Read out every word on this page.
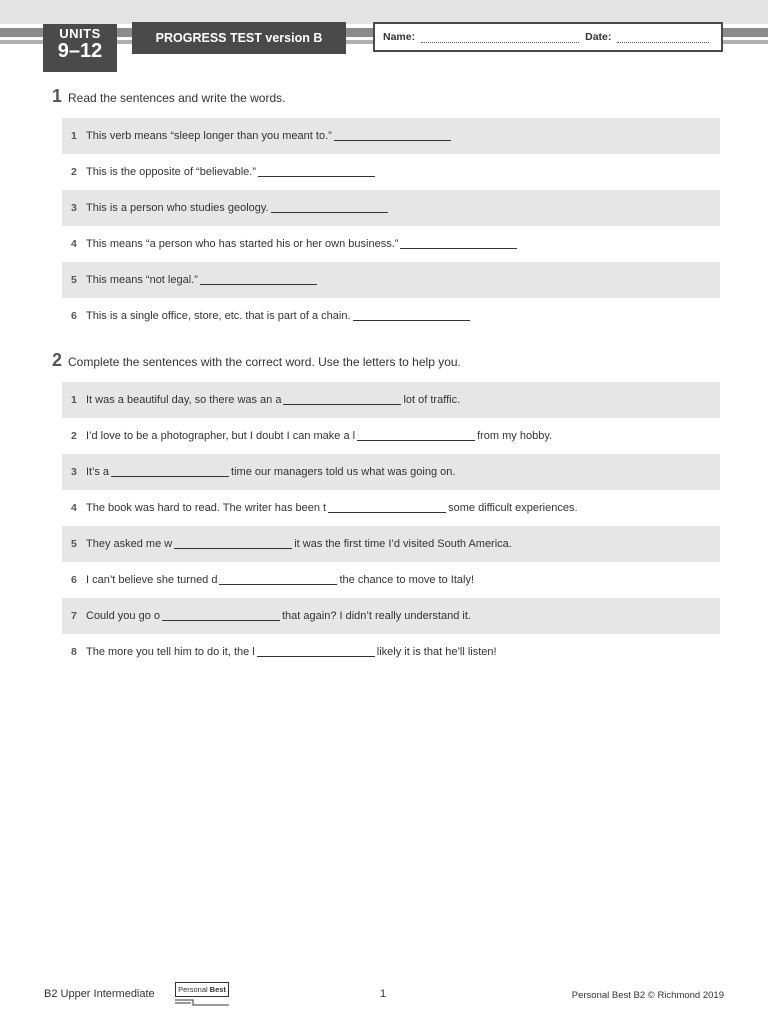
UNITS
9–12
PROGRESS TEST version B	Name:	Date:
1 Read the sentences and write the words.
1 This verb means “sleep longer than you meant to.”
2 This is the opposite of “believable.”
3 This is a person who studies geology.
4 This means “a person who has started his or her own business.”
5 This means “not legal.”
6 This is a single office, store, etc. that is part of a chain.
2 Complete the sentences with the correct word. Use the letters to help you.
1 It was a beautiful day, so there was an a	lot of traffic.
2 I’d love to be a photographer, but I doubt I can make a l	from my hobby.
3 It’s a	time our managers told us what was going on.
4 The book was hard to read. The writer has been t	some difficult experiences.
5 They asked me w	it was the first time I’d visited South America.
6 I can’t believe she turned d	the chance to move to Italy!
7 Could you go o	that again? I didn’t really understand it.
8 The more you tell him to do it, the l	likely it is that he’ll listen!
B2 Upper Intermediate	Personal Best	1	Personal Best B2 © Richmond 2019
